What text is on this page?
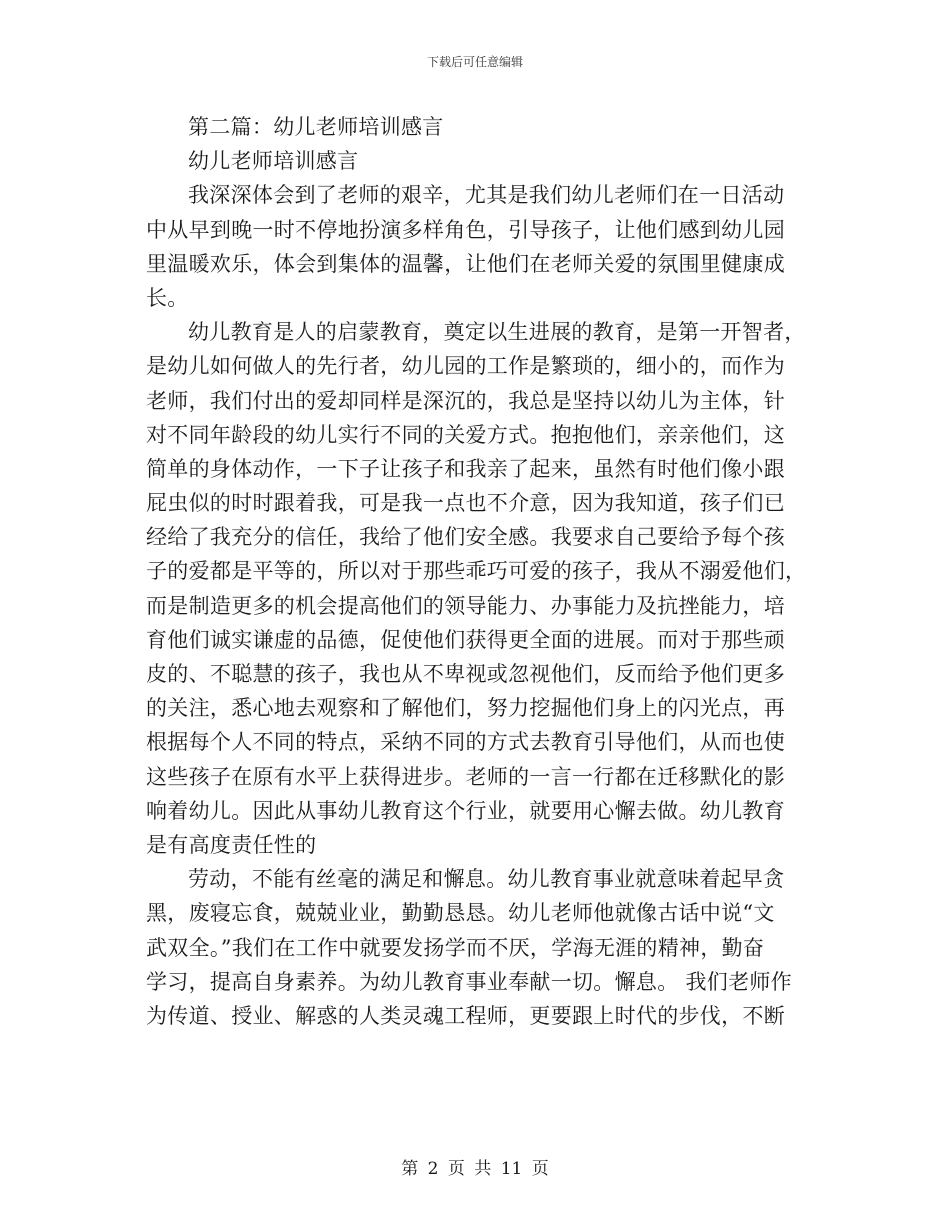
下载后可任意编辑
第二篇：幼儿老师培训感言
幼儿老师培训感言
我深深体会到了老师的艰辛，尤其是我们幼儿老师们在一日活动
中从早到晚一时不停地扮演多样角色，引导孩子，让他们感到幼儿园
里温暖欢乐，体会到集体的温馨，让他们在老师关爱的氛围里健康成
长。
幼儿教育是人的启蒙教育，奠定以生进展的教育，是第一开智者，
是幼儿如何做人的先行者，幼儿园的工作是繁琐的，细小的，而作为
老师，我们付出的爱却同样是深沉的，我总是坚持以幼儿为主体，针
对不同年龄段的幼儿实行不同的关爱方式。抱抱他们，亲亲他们，这
简单的身体动作，一下子让孩子和我亲了起来，虽然有时他们像小跟
屁虫似的时时跟着我，可是我一点也不介意，因为我知道，孩子们已
经给了我充分的信任，我给了他们安全感。我要求自己要给予每个孩
子的爱都是平等的，所以对于那些乖巧可爱的孩子，我从不溺爱他们，
而是制造更多的机会提高他们的领导能力、办事能力及抗挫能力，培
育他们诚实谦虚的品德，促使他们获得更全面的进展。而对于那些顽
皮的、不聪慧的孩子，我也从不卑视或忽视他们，反而给予他们更多
的关注，悉心地去观察和了解他们，努力挖掘他们身上的闪光点，再
根据每个人不同的特点，采纳不同的方式去教育引导他们，从而也使
这些孩子在原有水平上获得进步。老师的一言一行都在迁移默化的影
响着幼儿。因此从事幼儿教育这个行业，就要用心懈去做。幼儿教育
是有高度责任性的
劳动，不能有丝毫的满足和懈息。幼儿教育事业就意味着起早贪
黑，废寝忘食，兢兢业业，勤勤恳恳。幼儿老师他就像古话中说“文
武双全。”我们在工作中就要发扬学而不厌，学海无涯的精神，勤奋
学习，提高自身素养。为幼儿教育事业奉献一切。懈息。 我们老师作
为传道、授业、解惑的人类灵魂工程师，更要跟上时代的步伐，不断
第 2 页 共 11 页
